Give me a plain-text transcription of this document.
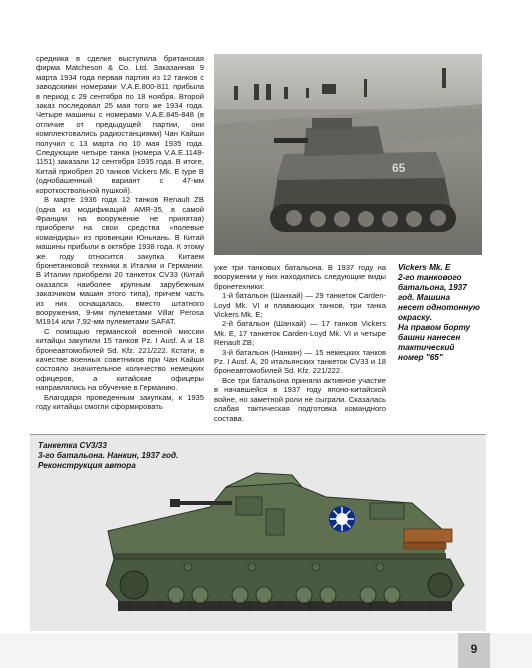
средника в сделке выступила британская фирма Matcheson & Co. Ltd. Заказанная 9 марта 1934 года первая партия из 12 танков с заводскими номерами V.A.E.800-811 прибыла в период с 29 сентября по 18 ноября. Второй заказ последовал 25 мая того же 1934 года. Четыре машины с номерами V.A.E.845-848 (в отличие от предыдущей партии, они комплектовались радиостанциями) Чан Кайши получил с 13 марта по 10 мая 1935 года. Следующие четыре танка (номера V.A.E.1148-1151) заказали 12 сентября 1935 года. В итоге, Китай приобрел 20 танков Vickers Mk. E type B (однобашенный вариант с 47-мм короткоствольной пушкой).

В марте 1936 года 12 танков Renault ZB (одна из модификаций AMR-35, в самой Франции на вооружение не принятая) приобрели на свои средства «полевые командиры» из провинции Юньнань. В Китай машины прибыли в октябре 1938 года. К этому же году относится закупка Китаем бронетанковой техники в Италии и Германии. В Италии приобрели 20 танкеток CV33 (Китай оказался наиболее крупным зарубежным заказчиком машин этого типа), причем часть из них оснащалась, вместо штатного вооружения, 9-мм пулеметами Villar Perosa M1914 или 7,92-мм пулеметами SAFAT.

С помощью германской военной миссии китайцы закупили 15 танков Pz. I Ausf. A и 18 бронеавтомобилей Sd. Kfz. 221/222. Кстати, в качестве военных советников при Чан Кайши состояло значительное количество немецких офицеров, а китайские офицеры направлялись на обучение в Германию.

Благодаря проведенным закупкам, к 1935 году китайцы смогли сформировать

65
Vickers Mk. E
2-го танкового
батальона, 1937
год. Машина
несет однотонную
окраску.
На правом борту
башни нанесен
тактический
номер "65"

уже три танковых батальона. В 1937 году на вооружении у них находились следующие виды бронетехники:

1-й батальон (Шанхай) — 29 танкеток Carden-Loyd Mk. VI и плавающих танков, три танка Vickers Mk. E;

2-й батальон (Шанхай) — 17 танков Vickers Mk. E, 17 танкеток Carden-Loyd Mk. VI и четыре Renault ZB;

3-й батальон (Нанкин) — 15 немецких танков Pz. I Ausf. A, 20 итальянских танкеток CV33 и 18 бронеавтомобилей Sd. Kfz. 221/222.

Все три батальона приняли активное участие в начавшейся в 1937 году японо-китайской войне, но заметной роли не сыграли. Сказалась слабая тактическая подготовка командного состава.

Танкетка CV3/33
3-го батальона. Нанкин, 1937 год.
Реконструкция автора
9
